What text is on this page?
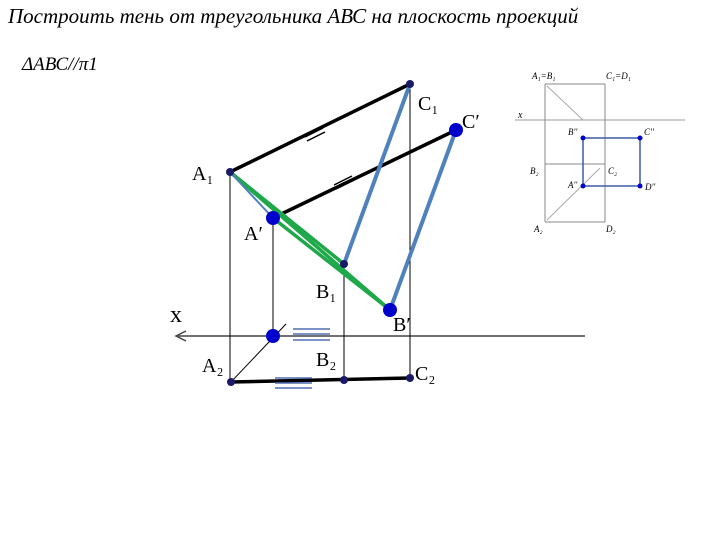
Построить тень от треугольника АВС на плоскость проекций
ΔАВС//π1
A₁
C₁
B₁
A₂	B₂
C₂
A′
C′
B′
x
A₁=B₁	C₁=D₁
x
B''	C''
B₂	C₂
A''	D''
A₂	D₂
